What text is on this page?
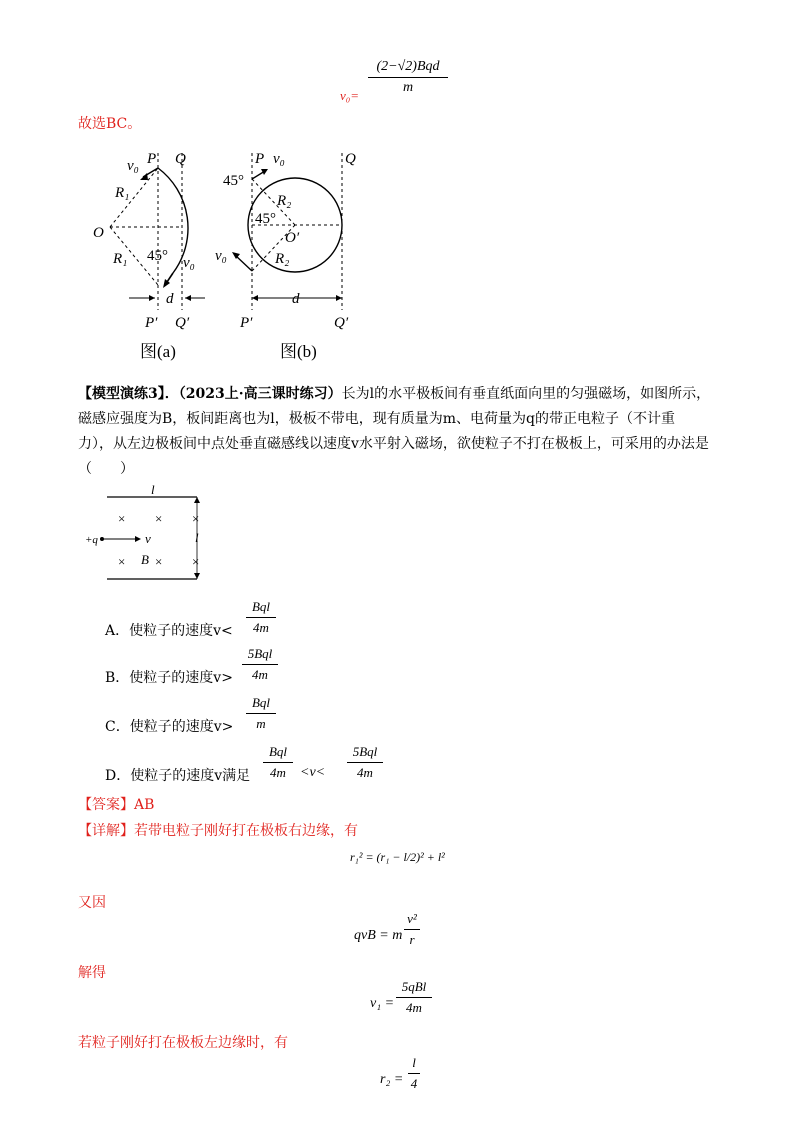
v₀=
(2−√2)Bqd
m
故选BC。
P Q
v₀
R₁
O
R₁ 45° v₀
d
P′ Q′
图(a)
P v₀	Q
45°
R₂
45°
O′
v₀	R₂
d
P′	Q′
图(b)
【模型演练3】．（2023上·高三课时练习）长为l的水平极板间有垂直纸面向里的匀强磁场，如图所示，
磁感应强度为B，板间距离也为l，极板不带电，现有质量为m、电荷量为q的带正电粒子（不计重
力），从左边极板间中点处垂直磁感线以速度v水平射入磁场，欲使粒子不打在极板上，可采用的办法是
（　　）
l
l
+q	v
B
× × ×
× × ×
A．使粒子的速度v<
Bql
4m
B．使粒子的速度v>
5Bql
4m
C．使粒子的速度v>
Bql
m
D．使粒子的速度v满足
Bql
4m	<v<
5Bql
4m
【答案】AB
【详解】若带电粒子刚好打在极板右边缘，有
r₁² = (r₁ − l/2)² + l²
又因
qvB = m
v²
r
解得
v₁ =
5qBl
4m
若粒子刚好打在极板左边缘时，有
r₂ =
l
4
